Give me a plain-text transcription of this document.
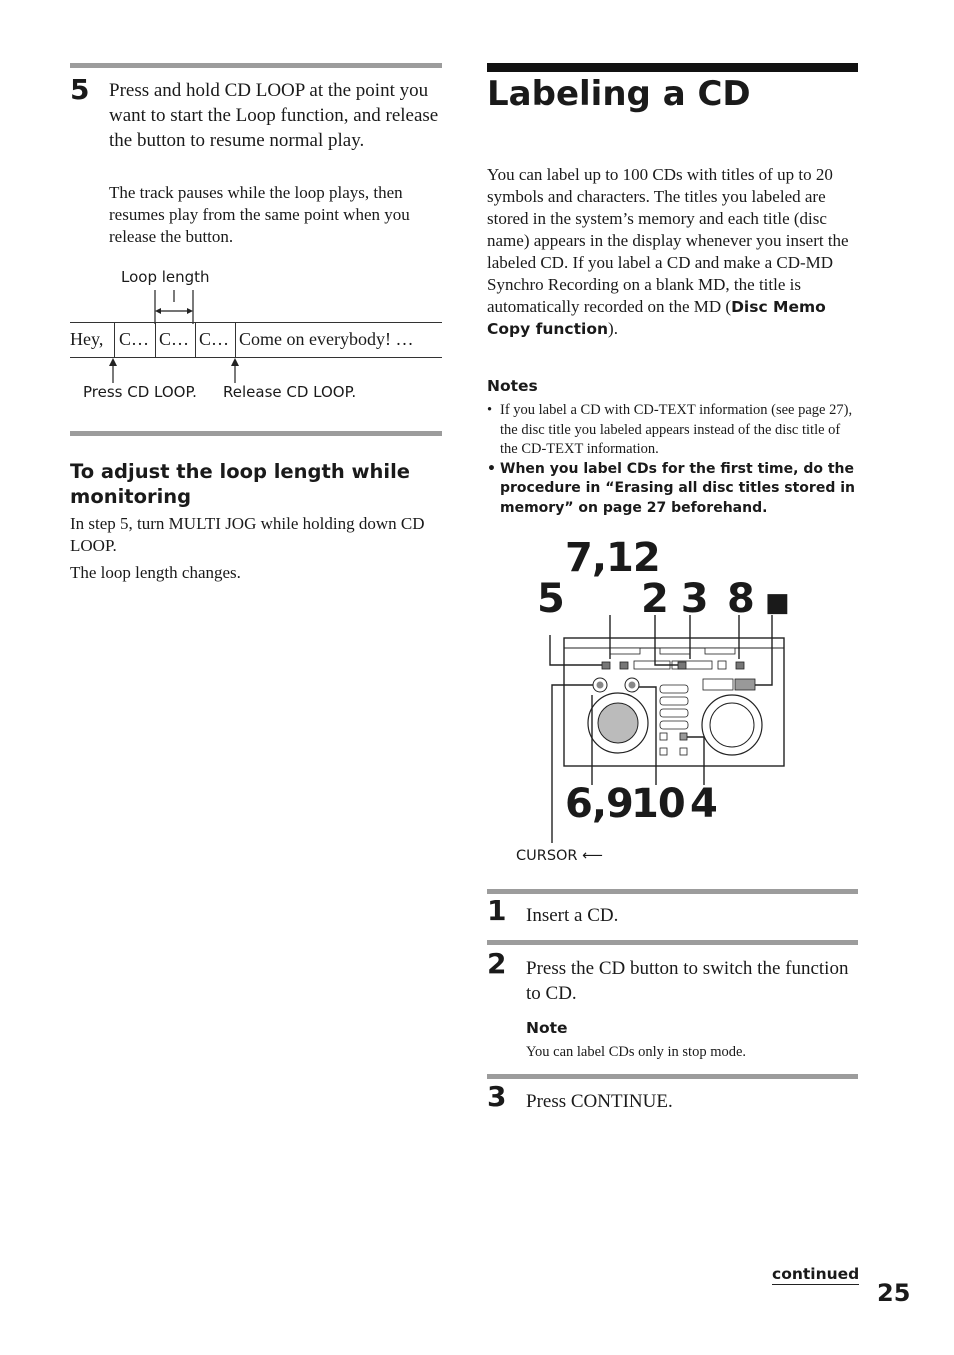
5 Press and hold CD LOOP at the point you want to start the Loop function, and release the button to resume normal play.
The track pauses while the loop plays, then resumes play from the same point when you release the button.
Loop length
Hey, C… C… C… Come on everybody! …
Press CD LOOP. Release CD LOOP.
To adjust the loop length while monitoring
In step 5, turn MULTI JOG while holding down CD LOOP.
The loop length changes.
Labeling a CD
You can label up to 100 CDs with titles of up to 20 symbols and characters. The titles you labeled are stored in the system’s memory and each title (disc name) appears in the display whenever you insert the labeled CD. If you label a CD and make a CD-MD Synchro Recording on a blank MD, the title is automatically recorded on the MD (Disc Memo Copy function).
Notes
• If you label a CD with CD-TEXT information (see page 27), the disc title you labeled appears instead of the disc title of the CD-TEXT information.
• When you label CDs for the first time, do the procedure in “Erasing all disc titles stored in memory” on page 27 beforehand.
5
7,12
2 3 8 ■
6,9
10 4
CURSOR ⟵
1 Insert a CD.
2 Press the CD button to switch the function to CD.
Note
You can label CDs only in stop mode.
3 Press CONTINUE.
continued
25
